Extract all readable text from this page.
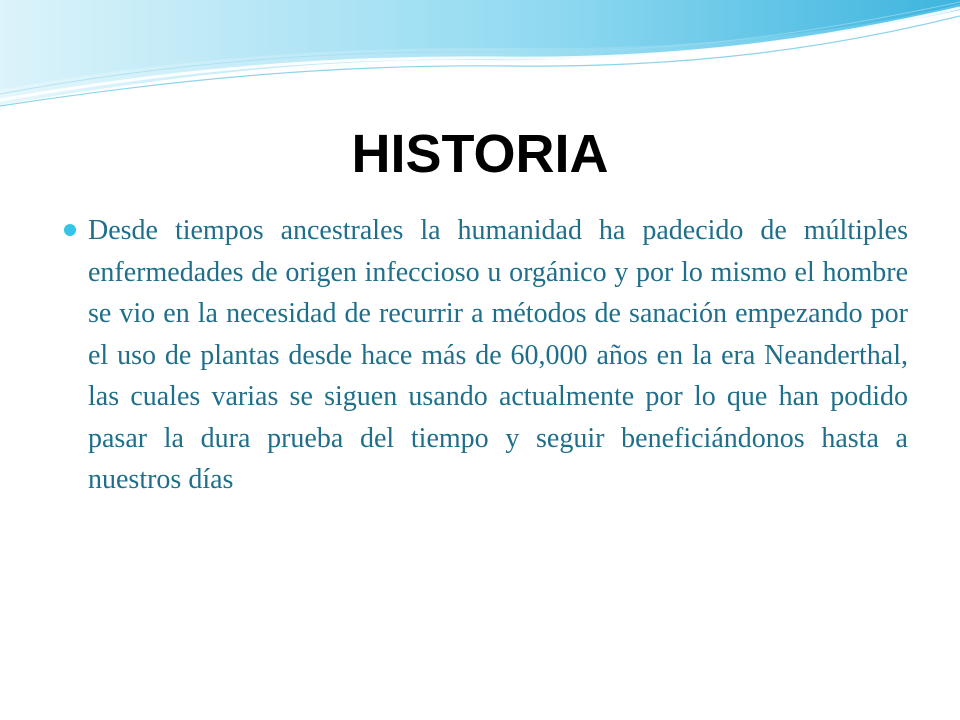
HISTORIA
Desde tiempos ancestrales la humanidad ha padecido de múltiples enfermedades de origen infeccioso u orgánico y por lo mismo el hombre se vio en la necesidad de recurrir a métodos de sanación empezando por el uso de plantas desde hace más de 60,000 años en la era Neanderthal, las cuales varias se siguen usando actualmente por lo que han podido pasar la dura prueba del tiempo y seguir beneficiándonos hasta a nuestros días
